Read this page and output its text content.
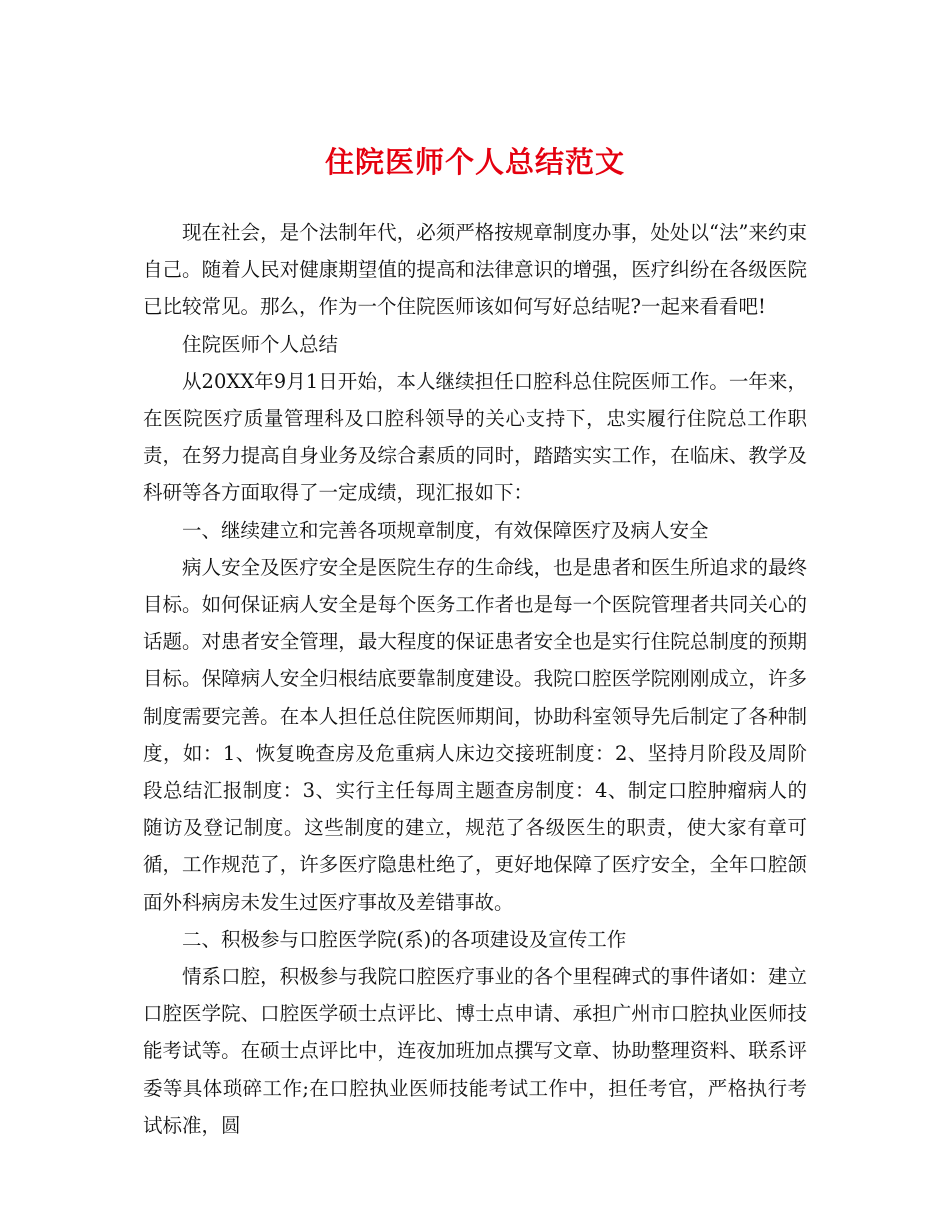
住院医师个人总结范文

现在社会，是个法制年代，必须严格按规章制度办事，处处以“法”来约束自己。随着人民对健康期望值的提高和法律意识的增强，医疗纠纷在各级医院已比较常见。那么，作为一个住院医师该如何写好总结呢?一起来看看吧!

住院医师个人总结

从20XX年9月1日开始，本人继续担任口腔科总住院医师工作。一年来，在医院医疗质量管理科及口腔科领导的关心支持下，忠实履行住院总工作职责，在努力提高自身业务及综合素质的同时，踏踏实实工作，在临床、教学及科研等各方面取得了一定成绩，现汇报如下：

一、继续建立和完善各项规章制度，有效保障医疗及病人安全

病人安全及医疗安全是医院生存的生命线，也是患者和医生所追求的最终目标。如何保证病人安全是每个医务工作者也是每一个医院管理者共同关心的话题。对患者安全管理，最大程度的保证患者安全也是实行住院总制度的预期目标。保障病人安全归根结底要靠制度建设。我院口腔医学院刚刚成立，许多制度需要完善。在本人担任总住院医师期间，协助科室领导先后制定了各种制度，如：1、恢复晚查房及危重病人床边交接班制度：2、坚持月阶段及周阶段总结汇报制度：3、实行主任每周主题查房制度：4、制定口腔肿瘤病人的随访及登记制度。这些制度的建立，规范了各级医生的职责，使大家有章可循，工作规范了，许多医疗隐患杜绝了，更好地保障了医疗安全，全年口腔颌面外科病房未发生过医疗事故及差错事故。

二、积极参与口腔医学院(系)的各项建设及宣传工作

情系口腔，积极参与我院口腔医疗事业的各个里程碑式的事件诸如：建立口腔医学院、口腔医学硕士点评比、博士点申请、承担广州市口腔执业医师技能考试等。在硕士点评比中，连夜加班加点撰写文章、协助整理资料、联系评委等具体琐碎工作;在口腔执业医师技能考试工作中，担任考官，严格执行考试标准，圆
